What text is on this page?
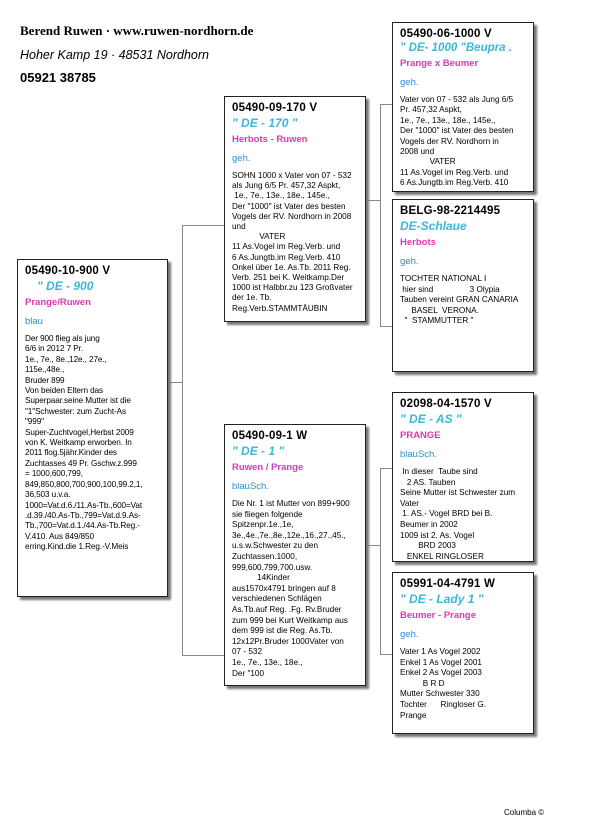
Berend Ruwen · www.ruwen-nordhorn.de
Hoher Kamp 19 · 48531 Nordhorn
05921 38785
05490-10-900 V
" DE - 900
Prange/Ruwen
blau
Der 900 flieg als jung
6/6 in 2012 7 Pr.
1e., 7e., 8e.,12e., 27e.,
115e.,48e.,
Bruder 899
Von beiden Eltern das
Superpaar.seine Mutter ist die
"1"Schwester: zum Zucht-As
"999"
Super-Zuchtvogel,Herbst 2009
von K. Weitkamp erworben. In
2011 flog.5jähr.Kinder des
Zuchtasses 49 Pr. Gschw.z.999
= 1000,600,799,
849,850,800,700,900,100,99.2,1,
36,503 u.v.a.
1000=Vat.d.6./11.As-Tb.,600=Vat
.d.39./40.As-Tb.,799=Vat.d.9.As-
Tb.,700=Vat.d.1./44.As-Tb.Reg.-
V.410. Aus 849/850
erring.Kind.die 1.Reg.-V.Meis
05490-09-170 V
" DE - 170 "
Herbots - Ruwen
geh.
SOHN 1000 x Vater von 07 - 532
als Jung 6/5 Pr. 457,32 Aspkt,
1e., 7e., 13e., 18e., 145e.,
Der "1000" ist Vater des besten
Vogels der RV. Nordhorn in 2008
und
VATER
11 As.Vogel im Reg.Verb. und
6 As.Jungtb.im Reg.Verb. 410
Onkel über 1e. As.Tb. 2011 Reg.
Verb. 251 bei K. Weitkamp.Der
1000 ist Halbbr.zu 123 Großvater
der 1e. Tb.
Reg.Verb.STAMMTÄUBIN
05490-09-1 W
" DE - 1 "
Ruwen / Prange
blauSch.
Die Nr. 1 ist Mutter von 899+900
sie fliegen folgende
Spitzenpr.1e.,1e,
3e.,4e.,7e.,8e.,12e.,16.,27.,45.,
u.s.w.Schwester zu den
Zuchtassen.1000,
999,600,799,700.usw.
14Kinder
aus1570x4791 bringen auf 8
verschiedenen Schlägen
As.Tb.auf Reg. .Fg. Rv.Bruder
zum 999 bei Kurt Weitkamp aus
dem 999 ist die Reg. As.Tb.
12x12Pr.Bruder 1000Vater von
07 - 532
1e., 7e., 13e., 18e.,
Der "100
05490-06-1000 V
" DE- 1000 "Beupra .
Prange x Beumer
geh.
Vater von 07 - 532 als Jung 6/5
Pr. 457,32 Aspkt,
1e., 7e., 13e., 18e., 145e.,
Der "1000" ist Vater des besten
Vogels der RV. Nordhorn in
2008 und
VATER
11 As.Vogel im Reg.Verb. und
6 As.Jungtb.im Reg.Verb. 410
BELG-98-2214495
DE-Schlaue
Herbots
geh.
TOCHTER NATIONAL I
hier sind                3 Olypia
Tauben vereint GRAN CANARIA
BASEL  VERONA.
"  STAMMUTTER "
02098-04-1570 V
" DE - AS "
PRANGE
blauSch.
In dieser  Taube sind
2 AS. Tauben
Seine Mutter ist Schwester zum
Vater
1. AS.- Vogel BRD bei B.
Beumer in 2002
1009 ist 2. As. Vogel
BRD 2003
ENKEL RINGLOSER
05991-04-4791 W
" DE - Lady 1 "
Beumer - Prange
geh.
Vater 1 As Vogel 2002
Enkel 1 As Vogel 2001
Enkel 2 As Vogel 2003
B R D
Mutter Schwester 330
Tochter      Ringloser G.
Prange
Columba ©
